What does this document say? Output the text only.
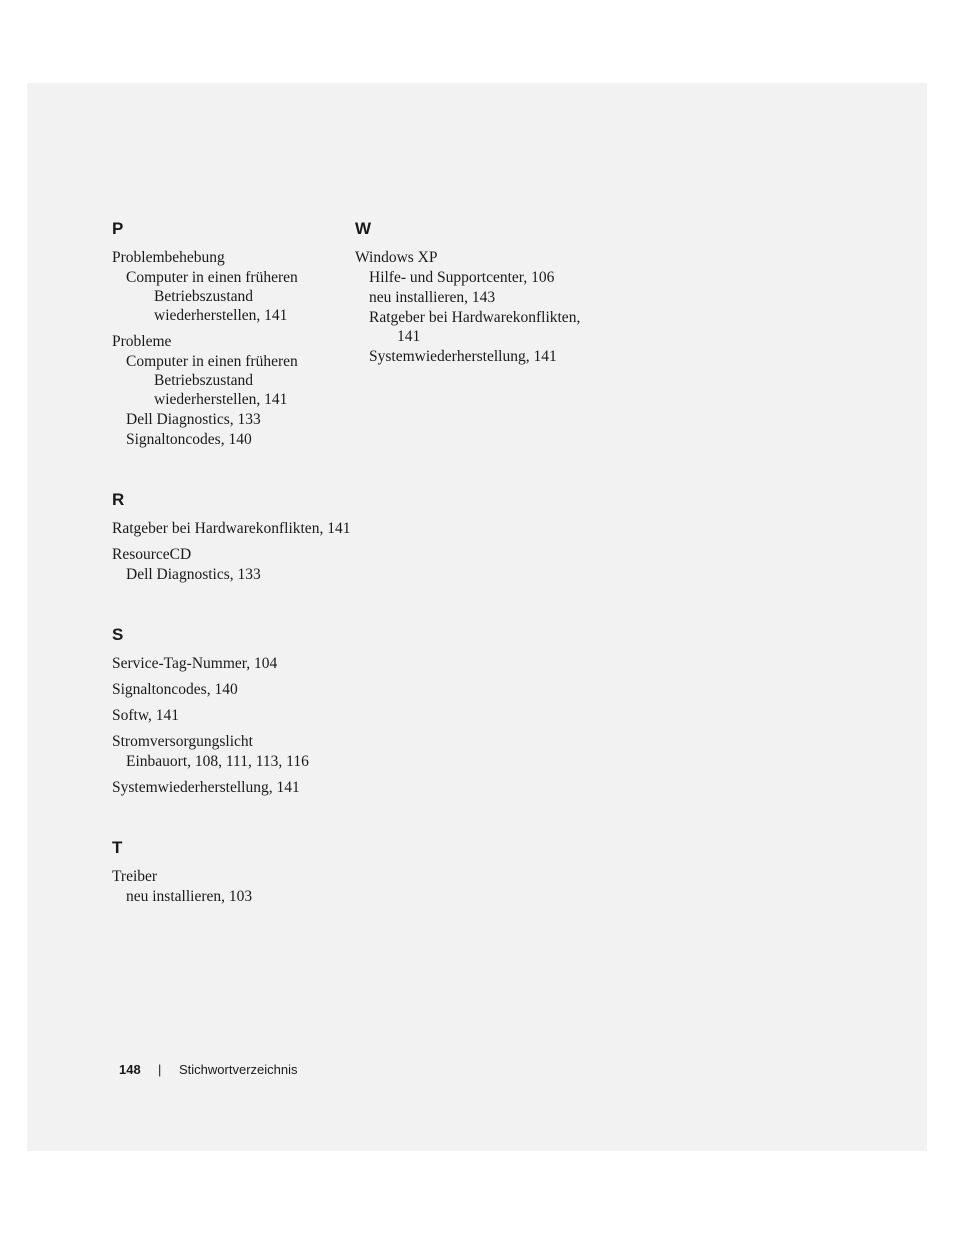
P
Problembehebung
Computer in einen früheren Betriebszustand wiederherstellen, 141
Probleme
Computer in einen früheren Betriebszustand wiederherstellen, 141
Dell Diagnostics, 133
Signaltoncodes, 140
R
Ratgeber bei Hardwarekonflikten, 141
ResourceCD
Dell Diagnostics, 133
S
Service-Tag-Nummer, 104
Signaltoncodes, 140
Softw, 141
Stromversorgungslicht
Einbauort, 108, 111, 113, 116
Systemwiederherstellung, 141
T
Treiber
neu installieren, 103
W
Windows XP
Hilfe- und Supportcenter, 106
neu installieren, 143
Ratgeber bei Hardwarekonflikten, 141
Systemwiederherstellung, 141
148 | Stichwortverzeichnis
